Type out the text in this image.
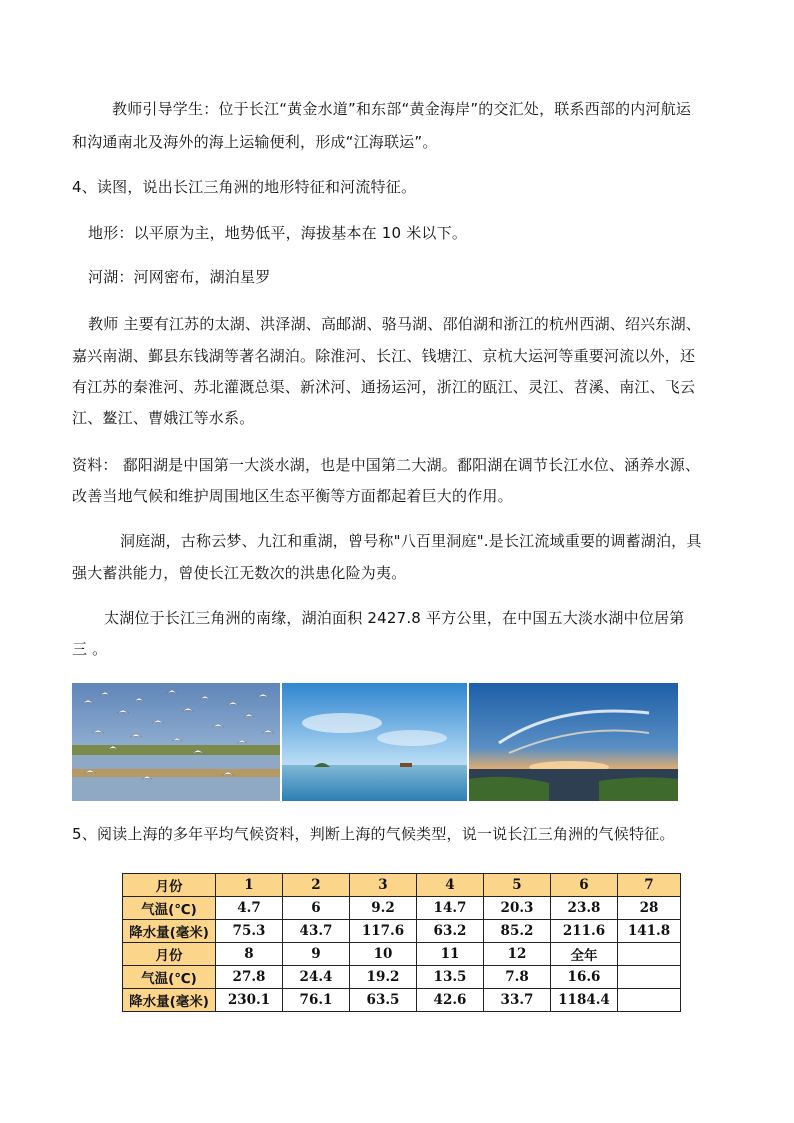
教师引导学生：位于长江“黄金水道”和东部“黄金海岸”的交汇处，联系西部的内河航运
和沟通南北及海外的海上运输便利，形成“江海联运”。
4、读图，说出长江三角洲的地形特征和河流特征。
地形：以平原为主，地势低平，海拔基本在 10 米以下。
河湖：河网密布，湖泊星罗
教师 主要有江苏的太湖、洪泽湖、高邮湖、骆马湖、邵伯湖和浙江的杭州西湖、绍兴东湖、
嘉兴南湖、鄞县东钱湖等著名湖泊。除淮河、长江、钱塘江、京杭大运河等重要河流以外，还
有江苏的秦淮河、苏北灌溉总渠、新沭河、通扬运河，浙江的瓯江、灵江、苕溪、南江、飞云
江、鳌江、曹娥江等水系。
资料： 鄱阳湖是中国第一大淡水湖，也是中国第二大湖。鄱阳湖在调节长江水位、涵养水源、
改善当地气候和维护周围地区生态平衡等方面都起着巨大的作用。
洞庭湖，古称云梦、九江和重湖，曾号称"八百里洞庭".是长江流域重要的调蓄湖泊，具
强大蓄洪能力，曾使长江无数次的洪患化险为夷。
太湖位于长江三角洲的南缘，湖泊面积 2427.8 平方公里，在中国五大淡水湖中位居第
三 。
5、阅读上海的多年平均气候资料，判断上海的气候类型，说一说长江三角洲的气候特征。
月份	1	2	3	4	5	6	7
气温(℃)	4.7	6	9.2	14.7	20.3	23.8	28
降水量(毫米)	75.3	43.7	117.6	63.2	85.2	211.6	141.8
月份	8	9	10	11	12	全年	
气温(℃)	27.8	24.4	19.2	13.5	7.8	16.6	
降水量(毫米)	230.1	76.1	63.5	42.6	33.7	1184.4	
